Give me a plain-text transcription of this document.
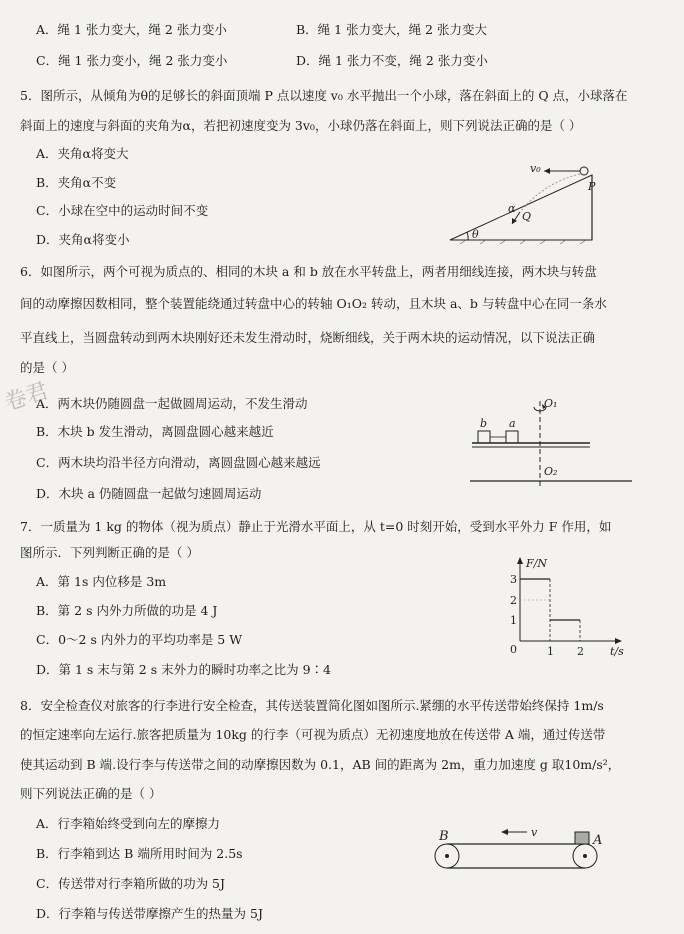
A．绳 1 张力变大，绳 2 张力变小	B．绳 1 张力变大，绳 2 张力变大
C．绳 1 张力变小，绳 2 张力变小	D．绳 1 张力不变，绳 2 张力变小
5．图所示，从倾角为θ的足够长的斜面顶端 P 点以速度 v₀ 水平抛出一个小球，落在斜面上的 Q 点，小球落在
斜面上的速度与斜面的夹角为α，若把初速度变为 3v₀，小球仍落在斜面上，则下列说法正确的是（ ）
A．夹角α将变大
B．夹角α不变
C．小球在空中的运动时间不变
D．夹角α将变小
v₀
P
Q
θ
α
6．如图所示，两个可视为质点的、相同的木块 a 和 b 放在水平转盘上，两者用细线连接，两木块与转盘
间的动摩擦因数相同，整个装置能绕通过转盘中心的转轴 O₁O₂ 转动，且木块 a、b 与转盘中心在同一条水
平直线上，当圆盘转动到两木块刚好还未发生滑动时，烧断细线，关于两木块的运动情况，以下说法正确
的是（ ）
A．两木块仍随圆盘一起做圆周运动，不发生滑动
B．木块 b 发生滑动，离圆盘圆心越来越近
C．两木块均沿半径方向滑动，离圆盘圆心越来越远
D．木块 a 仍随圆盘一起做匀速圆周运动
卷君
b a
O₁
O₂
7．一质量为 1 kg 的物体（视为质点）静止于光滑水平面上，从 t=0 时刻开始，受到水平外力 F 作用，如
图所示．下列判断正确的是（ ）
A．第 1s 内位移是 3m
B．第 2 s 内外力所做的功是 4 J
C．0～2 s 内外力的平均功率是 5 W
D．第 1 s 末与第 2 s 末外力的瞬时功率之比为 9∶4
F/N
t/s
3
2
1
0	1 2
8．安全检查仪对旅客的行李进行安全检查，其传送装置简化图如图所示.紧绷的水平传送带始终保持 1m/s
的恒定速率向左运行.旅客把质量为 10kg 的行李（可视为质点）无初速度地放在传送带 A 端，通过传送带
使其运动到 B 端.设行李与传送带之间的动摩擦因数为 0.1，AB 间的距离为 2m，重力加速度 g 取10m/s²，
则下列说法正确的是（ ）
A．行李箱始终受到向左的摩擦力
B．行李箱到达 B 端所用时间为 2.5s
C．传送带对行李箱所做的功为 5J
D．行李箱与传送带摩擦产生的热量为 5J
v
B	A
